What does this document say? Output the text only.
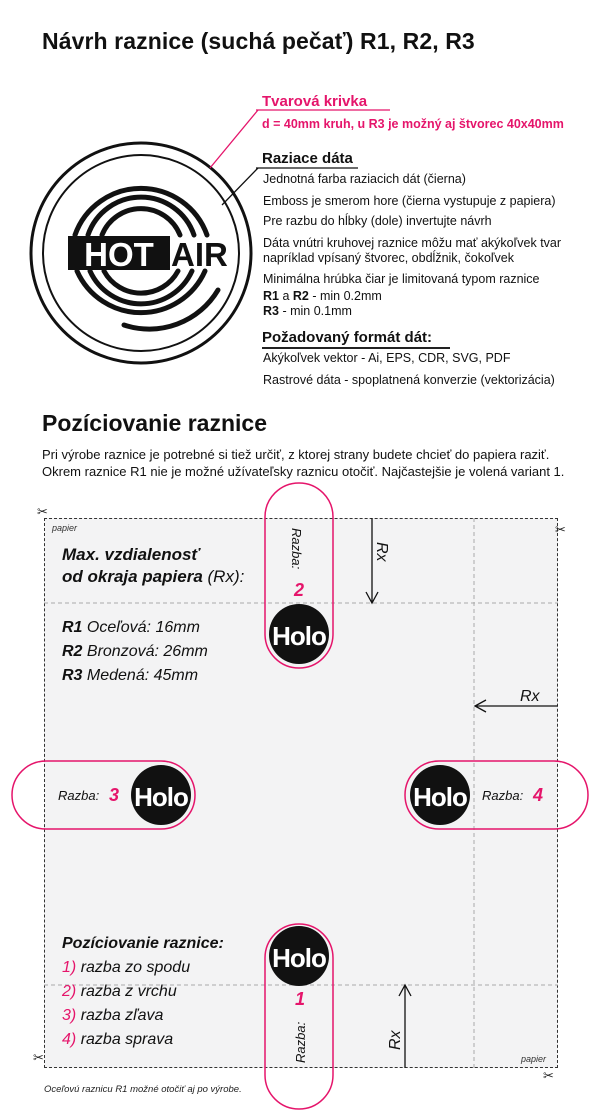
Návrh raznice (suchá pečať) R1, R2, R3
HOT AIR
Tvarová krivka
d = 40mm kruh, u R3 je možný aj štvorec 40x40mm
Raziace dáta
Jednotná farba raziacich dát (čierna)
Emboss je smerom hore (čierna vystupuje z papiera)
Pre razbu do hĺbky (dole) invertujte návrh
Dáta vnútri kruhovej raznice môžu mať akýkoľvek tvar
napríklad vpísaný štvorec, obdĺžnik, čokoľvek
Minimálna hrúbka čiar je limitovaná typom raznice
R1 a R2 - min 0.2mm
R3 - min 0.1mm
Požadovaný formát dát:
Akýkoľvek vektor - Ai, EPS, CDR, SVG, PDF
Rastrové dáta - spoplatnená konverzie (vektorizácia)
Pozíciovanie raznice
Pri výrobe raznice je potrebné si tiež určiť, z ktorej strany budete chcieť do papiera raziť.
Okrem raznice R1 nie je možné užívateľsky raznicu otočiť. Najčastejšie je volená variant 1.
Holo
Holo	Holo
Holo
Rx
Rx
Rx
Razba:
2
Razba: 3	Razba: 4
1
Razba:
papier
papier
✂
✂
✂
✂
Max. vzdialenosť
od okraja papiera (Rx):
R1 Oceľová: 16mm
R2 Bronzová: 26mm
R3 Medená: 45mm
Pozíciovanie raznice:
1) razba zo spodu
2) razba z vrchu
3) razba zľava
4) razba sprava
Oceľovú raznicu R1 možné otočiť aj po výrobe.
